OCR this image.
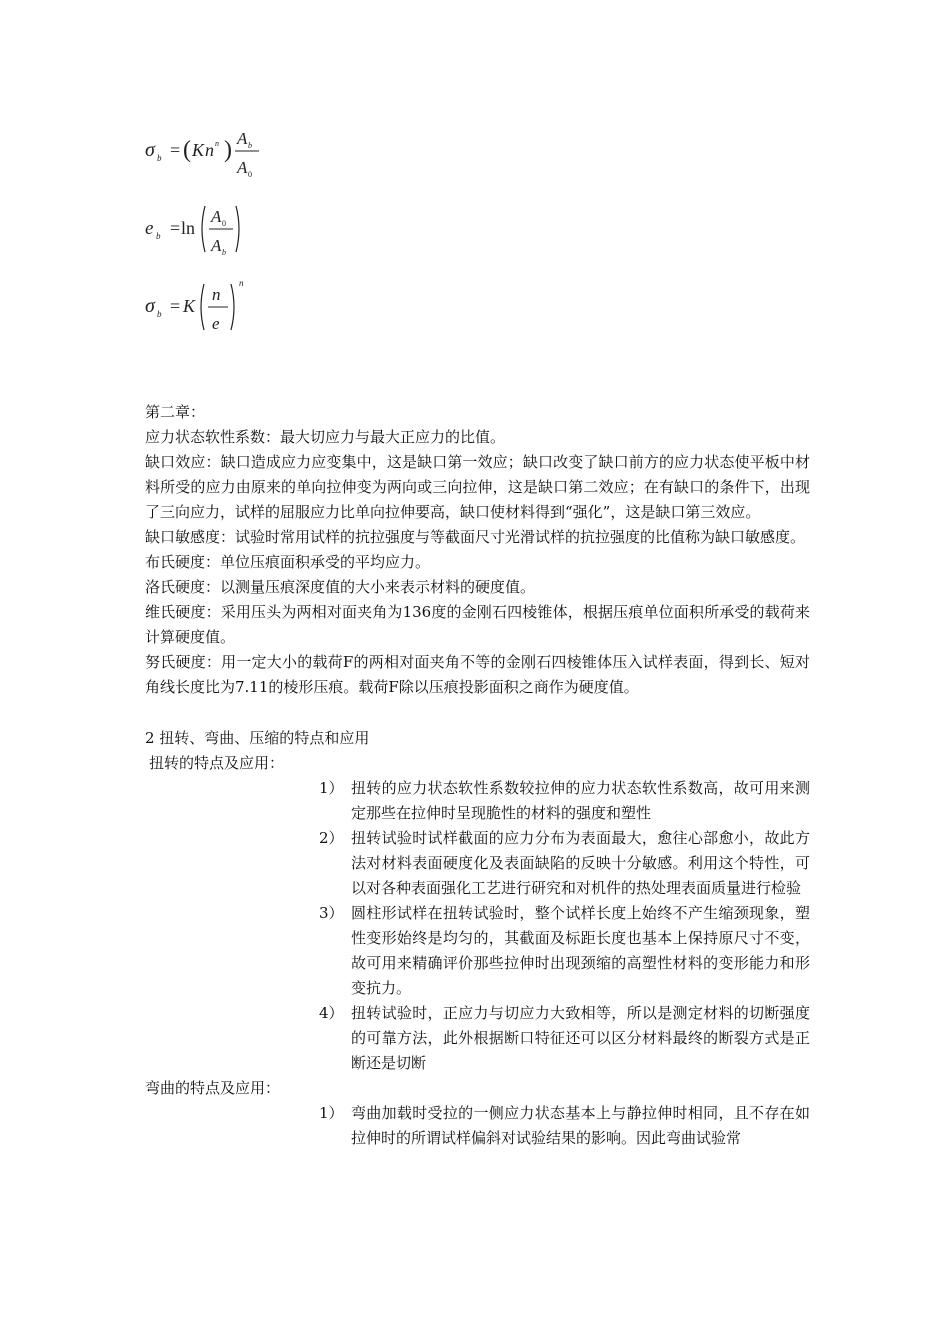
σ b = ( K n n ) A b
A 0
e b = ln
A 0
A b
σ b = K
n
e
n

第二章：

应力状态软性系数：最大切应力与最大正应力的比值。

缺口效应：缺口造成应力应变集中，这是缺口第一效应；缺口改变了缺口前方的应力状态使平板中材料所受的应力由原来的单向拉伸变为两向或三向拉伸，这是缺口第二效应；在有缺口的条件下，出现了三向应力，试样的屈服应力比单向拉伸要高，缺口使材料得到“强化”，这是缺口第三效应。

缺口敏感度：试验时常用试样的抗拉强度与等截面尺寸光滑试样的抗拉强度的比值称为缺口敏感度。

布氏硬度：单位压痕面积承受的平均应力。

洛氏硬度：以测量压痕深度值的大小来表示材料的硬度值。

维氏硬度：采用压头为两相对面夹角为136度的金刚石四棱锥体，根据压痕单位面积所承受的载荷来计算硬度值。

努氏硬度：用一定大小的载荷F的两相对面夹角不等的金刚石四棱锥体压入试样表面，得到长、短对角线长度比为7.11的棱形压痕。载荷F除以压痕投影面积之商作为硬度值。

2 扭转、弯曲、压缩的特点和应用

扭转的特点及应用：

1） 扭转的应力状态软性系数较拉伸的应力状态软性系数高，故可用来测定那些在拉伸时呈现脆性的材料的强度和塑性
2） 扭转试验时试样截面的应力分布为表面最大，愈往心部愈小，故此方法对材料表面硬度化及表面缺陷的反映十分敏感。利用这个特性，可以对各种表面强化工艺进行研究和对机件的热处理表面质量进行检验
3） 圆柱形试样在扭转试验时，整个试样长度上始终不产生缩颈现象，塑性变形始终是均匀的，其截面及标距长度也基本上保持原尺寸不变，故可用来精确评价那些拉伸时出现颈缩的高塑性材料的变形能力和形变抗力。
4） 扭转试验时，正应力与切应力大致相等，所以是测定材料的切断强度的可靠方法，此外根据断口特征还可以区分材料最终的断裂方式是正断还是切断

弯曲的特点及应用：

1） 弯曲加载时受拉的一侧应力状态基本上与静拉伸时相同，且不存在如拉伸时的所谓试样偏斜对试验结果的影响。因此弯曲试验常
